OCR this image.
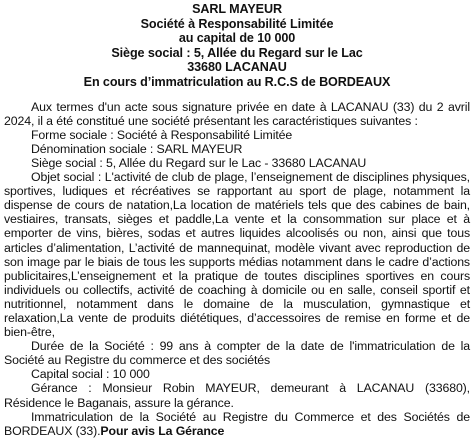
SARL MAYEUR
Société à Responsabilité Limitée
au capital de 10 000
Siège social : 5, Allée du Regard sur le Lac
33680 LACANAU
En cours d’immatriculation au R.C.S de BORDEAUX

Aux termes d'un acte sous signature privée en date à LACANAU (33) du 2 avril 2024, il a été constitué une société présentant les caractéristiques suivantes :

Forme sociale : Société à Responsabilité Limitée

Dénomination sociale : SARL MAYEUR

Siège social : 5, Allée du Regard sur le Lac - 33680 LACANAU

Objet social : L'activité de club de plage, l’enseignement de disciplines physiques, sportives, ludiques et récréatives se rapportant au sport de plage, notamment la dispense de cours de natation,La location de matériels tels que des cabines de bain, vestiaires, transats, sièges et paddle,La vente et la consommation sur place et à emporter de vins, bières, sodas et autres liquides alcoolisés ou non, ainsi que tous articles d’alimentation, L’activité de mannequinat, modèle vivant avec reproduction de son image par le biais de tous les supports médias notamment dans le cadre d’actions publicitaires,L’enseignement et la pratique de toutes disciplines sportives en cours individuels ou collectifs, activité de coaching à domicile ou en salle, conseil sportif et nutritionnel, notamment dans le domaine de la musculation, gymnastique et relaxation,La vente de produits diététiques, d’accessoires de remise en forme et de bien-être,

Durée de la Société : 99 ans à compter de la date de l'immatriculation de la Société au Registre du commerce et des sociétés

Capital social : 10 000

Gérance : Monsieur Robin MAYEUR, demeurant à LACANAU (33680), Résidence le Baganais, assure la gérance.

Immatriculation de la Société au Registre du Commerce et des Sociétés de BORDEAUX (33).Pour avis La Gérance
